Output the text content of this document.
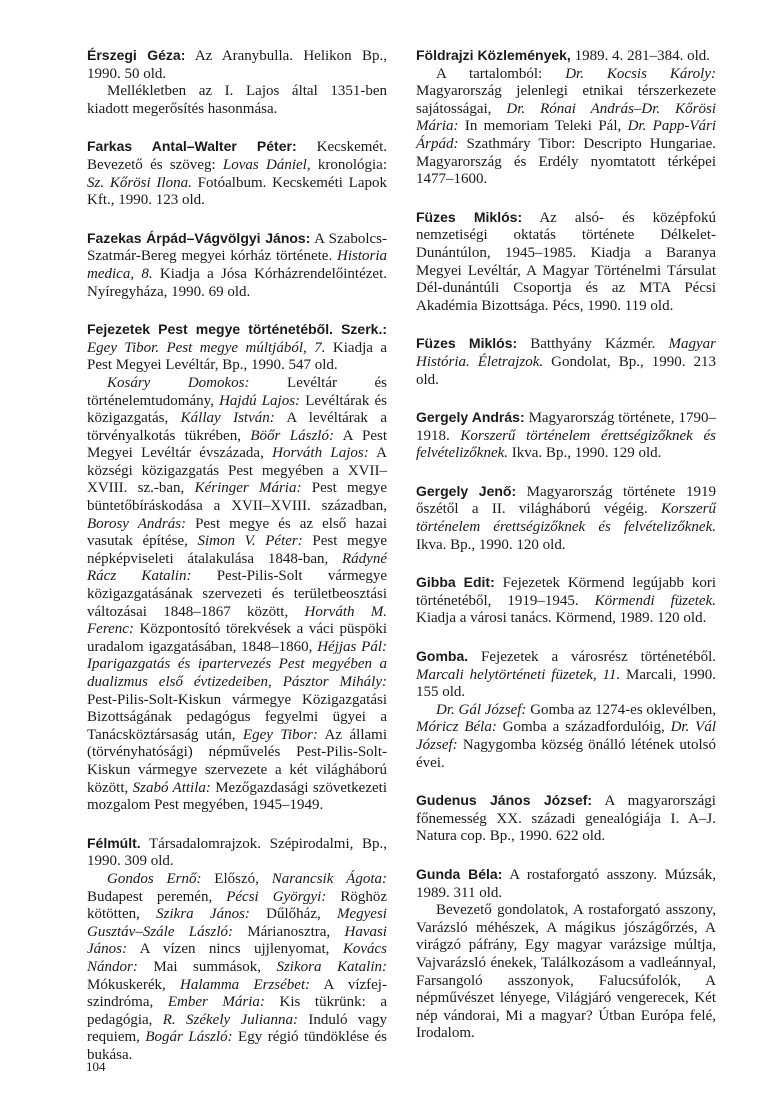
Érszegi Géza: Az Aranybulla. Helikon Bp., 1990. 50 old.

Mellékletben az I. Lajos által 1351-ben kiadott megerősítés hasonmása.

Farkas Antal–Walter Péter: Kecskemét. Bevezető és szöveg: Lovas Dániel, kronológia: Sz. Kőrösi Ilona. Fotóalbum. Kecskeméti Lapok Kft., 1990. 123 old.

Fazekas Árpád–Vágvölgyi János: A Szabolcs-Szatmár-Bereg megyei kórház története. Historia medica, 8. Kiadja a Jósa Kórházrendelőintézet. Nyíregyháza, 1990. 69 old.

Fejezetek Pest megye történetéből. Szerk.: Egey Tibor. Pest megye múltjából, 7. Kiadja a Pest Megyei Levéltár, Bp., 1990. 547 old.

Kosáry Domokos: Levéltár és történelemtudomány, Hajdú Lajos: Levéltárak és közigazgatás, Kállay István: A levéltárak a törvényalkotás tükrében, Böőr László: A Pest Megyei Levéltár évszázada, Horváth Lajos: A községi közigazgatás Pest megyében a XVII–XVIII. sz.-ban, Kéringer Mária: Pest megye büntetőbíráskodása a XVII–XVIII. században, Borosy András: Pest megye és az első hazai vasutak építése, Simon V. Péter: Pest megye népképviseleti átalakulása 1848-ban, Rádyné Rácz Katalin: Pest-Pilis-Solt vármegye közigazgatásának szervezeti és területbeosztási változásai 1848–1867 között, Horváth M. Ferenc: Központosító törekvések a váci püspöki uradalom igazgatásában, 1848–1860, Héjjas Pál: Iparigazgatás és ipartervezés Pest megyében a dualizmus első évtizedeiben, Pásztor Mihály: Pest-Pilis-Solt-Kiskun vármegye Közigazgatási Bizottságának pedagógus fegyelmi ügyei a Tanácsköztársaság után, Egey Tibor: Az állami (törvényhatósági) népművelés Pest-Pilis-Solt-Kiskun vármegye szervezete a két világháború között, Szabó Attila: Mezőgazdasági szövetkezeti mozgalom Pest megyében, 1945–1949.

Félmúlt. Társadalomrajzok. Szépirodalmi, Bp., 1990. 309 old.

Gondos Ernő: Előszó, Narancsik Ágota: Budapest peremén, Pécsi Györgyi: Röghöz kötötten, Szikra János: Dűlőház, Megyesi Gusztáv–Szále László: Márianosztra, Havasi János: A vízen nincs ujjlenyomat, Kovács Nándor: Mai summások, Szikora Katalin: Mókuskerék, Halamma Erzsébet: A vízfej-szindróma, Ember Mária: Kis tükrünk: a pedagógia, R. Székely Julianna: Induló vagy requiem, Bogár László: Egy régió tündöklése és bukása.

Földrajzi Közlemények, 1989. 4. 281–384. old.

A tartalomból: Dr. Kocsis Károly: Magyarország jelenlegi etnikai térszerkezete sajátosságai, Dr. Rónai András–Dr. Kőrösi Mária: In memoriam Teleki Pál, Dr. Papp-Vári Árpád: Szathmáry Tibor: Descripto Hungariae. Magyarország és Erdély nyomtatott térképei 1477–1600.

Füzes Miklós: Az alsó- és középfokú nemzetiségi oktatás története Délkelet-Dunántúlon, 1945–1985. Kiadja a Baranya Megyei Levéltár, A Magyar Történelmi Társulat Dél-dunántúli Csoportja és az MTA Pécsi Akadémia Bizottsága. Pécs, 1990. 119 old.

Füzes Miklós: Batthyány Kázmér. Magyar História. Életrajzok. Gondolat, Bp., 1990. 213 old.

Gergely András: Magyarország története, 1790–1918. Korszerű történelem érettségizőknek és felvételizőknek. Ikva. Bp., 1990. 129 old.

Gergely Jenő: Magyarország története 1919 őszétől a II. világháború végéig. Korszerű történelem érettségizőknek és felvételizőknek. Ikva. Bp., 1990. 120 old.

Gibba Edit: Fejezetek Körmend legújabb kori történetéből, 1919–1945. Körmendi füzetek. Kiadja a városi tanács. Körmend, 1989. 120 old.

Gomba. Fejezetek a városrész történetéből. Marcali helytörténeti füzetek, 11. Marcali, 1990. 155 old.

Dr. Gál József: Gomba az 1274-es oklevélben, Móricz Béla: Gomba a századfordulóig, Dr. Vál József: Nagygomba község önálló létének utolsó évei.

Gudenus János József: A magyarországi főnemesség XX. századi genealógiája I. A–J. Natura cop. Bp., 1990. 622 old.

Gunda Béla: A rostaforgató asszony. Múzsák, 1989. 311 old.

Bevezető gondolatok, A rostaforgató asszony, Varázsló méhészek, A mágikus jószágőrzés, A virágzó páfrány, Egy magyar varázsige múltja, Vajvarázsló énekek, Találkozásom a vadleánnyal, Farsangoló asszonyok, Falucsúfolók, A népművészet lényege, Világjáró vengerecek, Két nép vándorai, Mi a magyar? Útban Európa felé, Irodalom.

104
